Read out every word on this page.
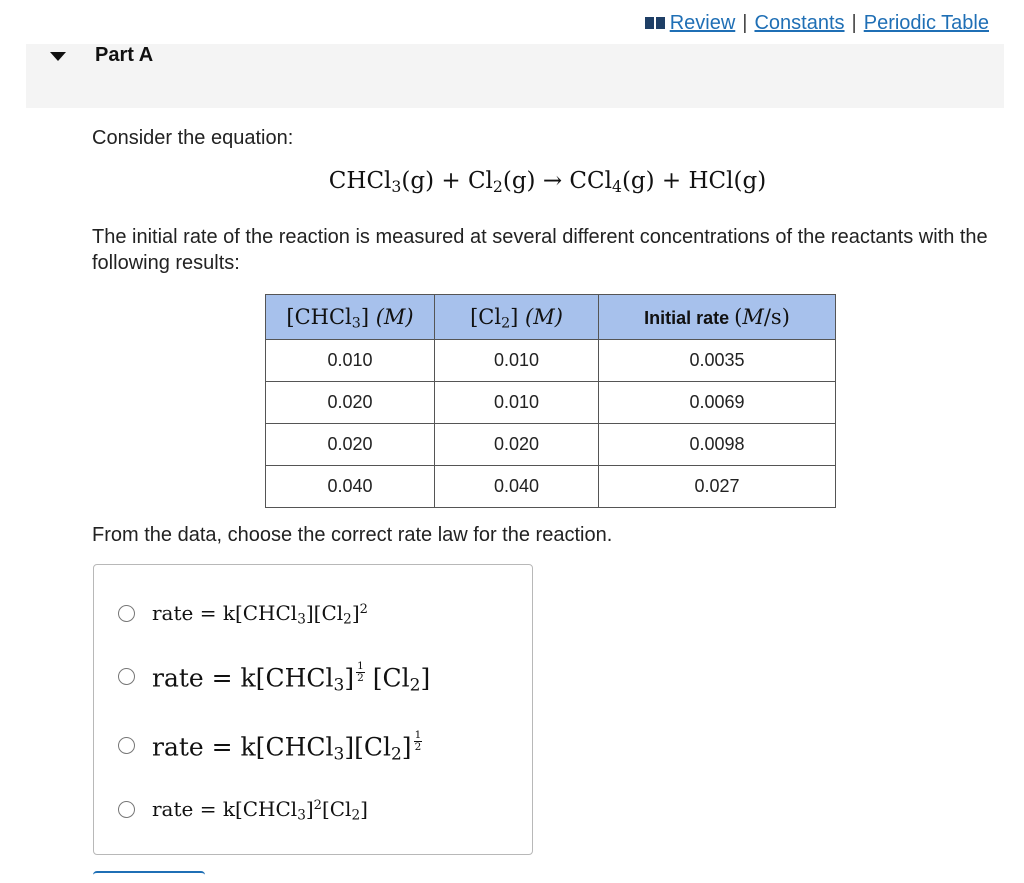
Review | Constants | Periodic Table
Part A
Consider the equation:
CHCl$_3$(g) + $Cl_2(g) \to CCl_4(g) + HCl(g)$
The initial rate of the reaction is measured at several different concentrations of the reactants with the following results:
[CHCl$_3$] (M)	$[Cl_2]$ (M)	Initial rate (M/s)
0.010	0.010	0.0035
0.020	0.010	0.0069
0.020	0.020	0.0098
0.040	0.040	0.027
From the data, choose the correct rate law for the reaction.
rate = $k[CHCl_3][Cl_2]^2$
rate = k[CHCl$_3$] $\frac{1}{2} [Cl_2]$
rate = $k[CHCl_3][Cl_2] \frac{1}{2}$
rate = $k[CHCl_3]^2[Cl_2]$
